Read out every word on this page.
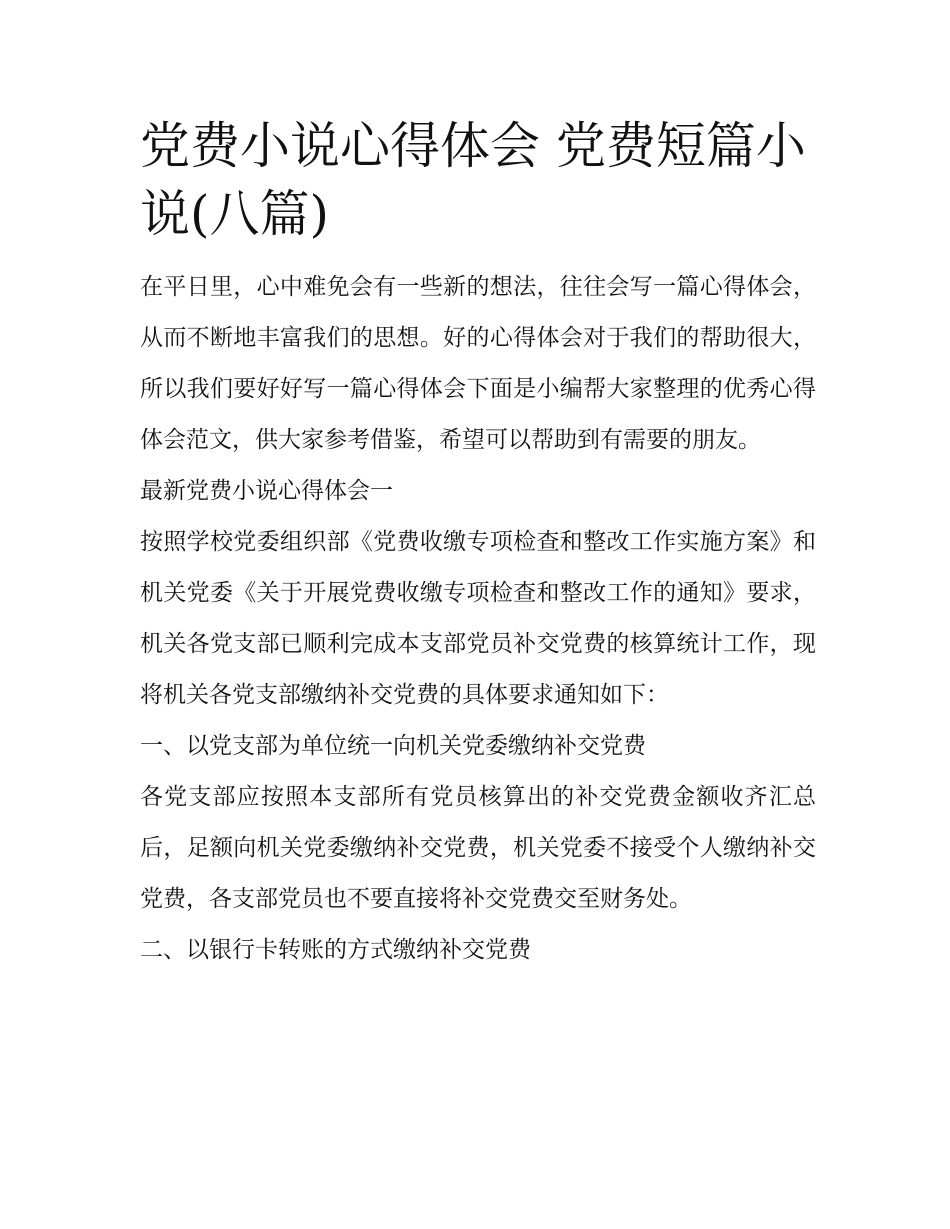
党费小说心得体会 党费短篇小说(八篇)

在平日里，心中难免会有一些新的想法，往往会写一篇心得体会，从而不断地丰富我们的思想。好的心得体会对于我们的帮助很大，所以我们要好好写一篇心得体会下面是小编帮大家整理的优秀心得体会范文，供大家参考借鉴，希望可以帮助到有需要的朋友。

最新党费小说心得体会一

按照学校党委组织部《党费收缴专项检查和整改工作实施方案》和机关党委《关于开展党费收缴专项检查和整改工作的通知》要求，机关各党支部已顺利完成本支部党员补交党费的核算统计工作，现将机关各党支部缴纳补交党费的具体要求通知如下：

一、以党支部为单位统一向机关党委缴纳补交党费

各党支部应按照本支部所有党员核算出的补交党费金额收齐汇总后，足额向机关党委缴纳补交党费，机关党委不接受个人缴纳补交党费，各支部党员也不要直接将补交党费交至财务处。

二、以银行卡转账的方式缴纳补交党费
